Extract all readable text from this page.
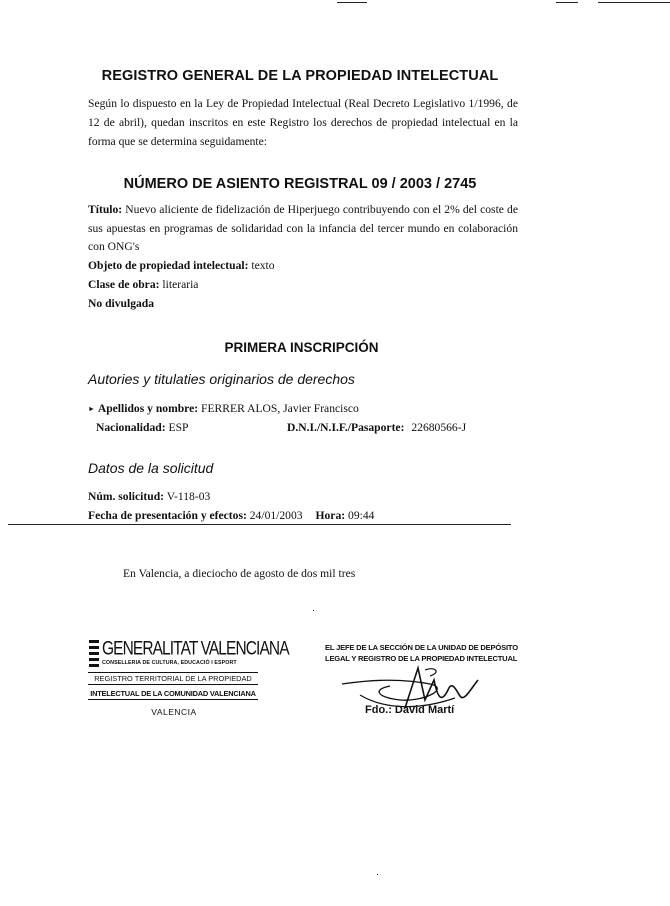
REGISTRO GENERAL DE LA PROPIEDAD INTELECTUAL
Según lo dispuesto en la Ley de Propiedad Intelectual (Real Decreto Legislativo 1/1996, de 12 de abril), quedan inscritos en este Registro los derechos de propiedad intelectual en la forma que se determina seguidamente:
NÚMERO DE ASIENTO REGISTRAL 09 / 2003 / 2745
Título: Nuevo aliciente de fidelización de Hiperjuego contribuyendo con el 2% del coste de sus apuestas en programas de solidaridad con la infancia del tercer mundo en colaboración con ONG's
Objeto de propiedad intelectual: texto
Clase de obra: literaria
No divulgada
PRIMERA INSCRIPCIÓN
Autories y titulaties originarios de derechos
► Apellidos y nombre: FERRER ALOS, Javier Francisco
Nacionalidad: ESP	D.N.I./N.I.F./Pasaporte: 22680566-J
Datos de la solicitud
Núm. solicitud: V-118-03
Fecha de presentación y efectos: 24/01/2003 Hora: 09:44
En Valencia, a dieciocho de agosto de dos mil tres
GENERALITAT VALENCIANA
CONSELLERIA DE CULTURA, EDUCACIÓ I ESPORT
REGISTRO TERRITORIAL DE LA PROPIEDAD
INTELECTUAL DE LA COMUNIDAD VALENCIANA
VALENCIA
EL JEFE DE LA SECCIÓN DE LA UNIDAD DE DEPÓSITO
LEGAL Y REGISTRO DE LA PROPIEDAD INTELECTUAL
Fdo.: David Martí
